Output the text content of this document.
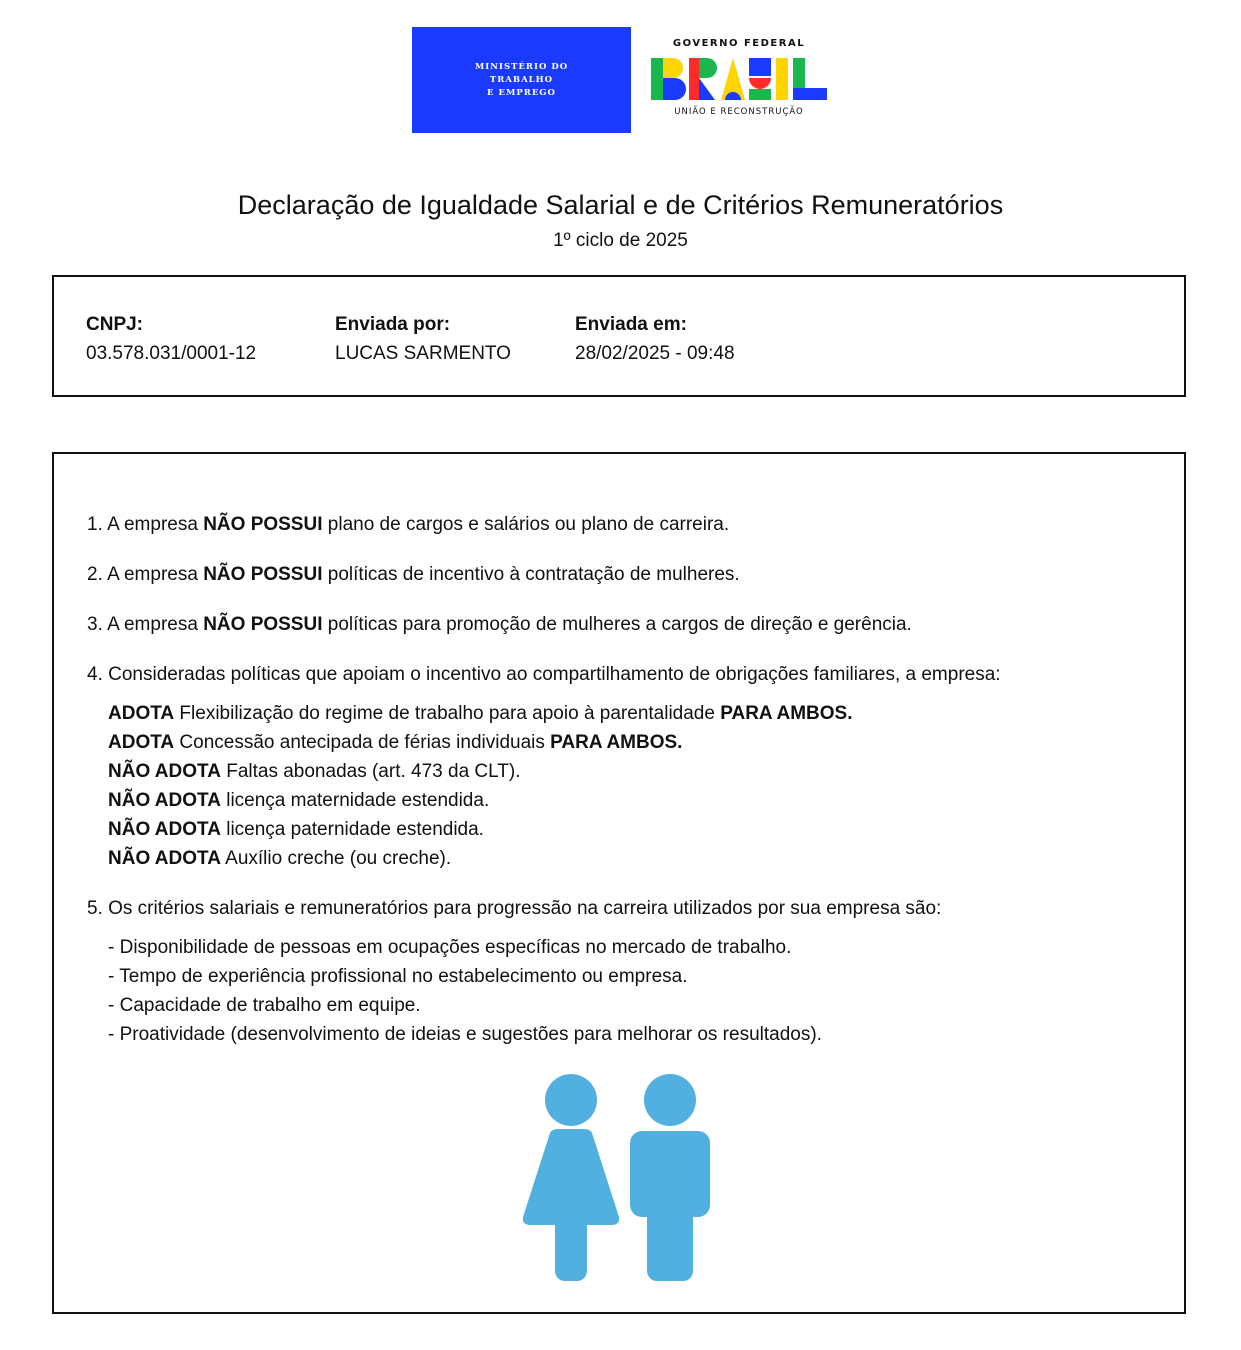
MINISTÉRIO DO
TRABALHO
E EMPREGO
GOVERNO FEDERAL
UNIÃO E RECONSTRUÇÃO
Declaração de Igualdade Salarial e de Critérios Remuneratórios
1º ciclo de 2025
CNPJ:
03.578.031/0001-12
Enviada por:
LUCAS SARMENTO
Enviada em:
28/02/2025 - 09:48
1. A empresa NÃO POSSUI plano de cargos e salários ou plano de carreira.
2. A empresa NÃO POSSUI políticas de incentivo à contratação de mulheres.
3. A empresa NÃO POSSUI políticas para promoção de mulheres a cargos de direção e gerência.
4. Consideradas políticas que apoiam o incentivo ao compartilhamento de obrigações familiares, a empresa:
ADOTA Flexibilização do regime de trabalho para apoio à parentalidade PARA AMBOS.
ADOTA Concessão antecipada de férias individuais PARA AMBOS.
NÃO ADOTA Faltas abonadas (art. 473 da CLT).
NÃO ADOTA licença maternidade estendida.
NÃO ADOTA licença paternidade estendida.
NÃO ADOTA Auxílio creche (ou creche).
5. Os critérios salariais e remuneratórios para progressão na carreira utilizados por sua empresa são:
- Disponibilidade de pessoas em ocupações específicas no mercado de trabalho.
- Tempo de experiência profissional no estabelecimento ou empresa.
- Capacidade de trabalho em equipe.
- Proatividade (desenvolvimento de ideias e sugestões para melhorar os resultados).
